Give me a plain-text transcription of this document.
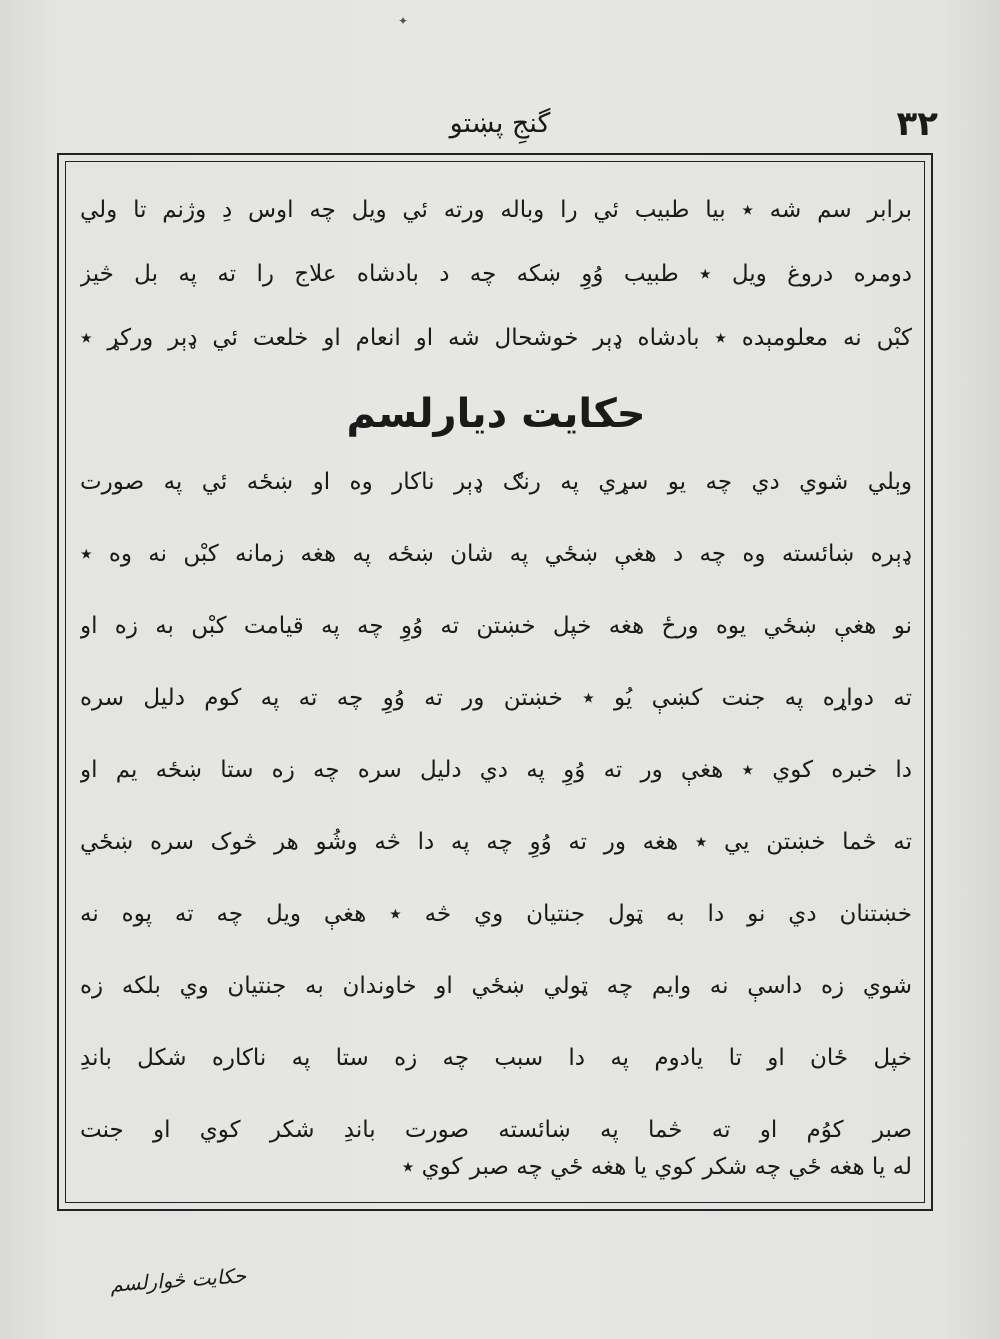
✦
۳۲
گنجِ پښتو
برابر سم شه ٭ بیا طبیب ئي را وباله ورته ئي ویل چه اوس دِ وژنم تا ولي
دومره دروغ ویل ٭ طبیب وُوِ ښکه چه د بادشاه علاج را ته په بل څیز
کبْں نه معلومېده ٭ بادشاه ډېر خوشحال شه او انعام او خلعت ئي ډېر ورکړ ٭
حکایت دیارلسم
وېلي شوي دي چه یو سړي په رنګ ډېر ناکار وه او ښځه ئي په صورت
ډېره ښائسته وه چه د هغې ښځي په شان ښځه په هغه زمانه کبْں نه وه ٭
نو هغې ښځي یوه ورځ هغه خپل خښتن ته وُوِ چه په قیامت کبْں به زه او
ته دواړه په جنت کښې یُو ٭ خښتن ور ته وُوِ چه ته په کوم دلیل سره
دا خبره کوي ٭ هغې ور ته وُوِ په دي دلیل سره چه زه ستا ښځه یم او
ته څما خښتن یي ٭ هغه ور ته وُوِ چه په دا څه وشُو هر څوک سره ښځي
خښتنان دي نو دا به ټول جنتیان وي څه ٭ هغې ویل چه ته پوه نه
شوي زه داسې نه وایم چه ټولي ښځي او خاوندان به جنتیان وي بلکه زه
خپل ځان او تا یادوم په دا سبب چه زه ستا په ناکاره شکل باندِ
صبر کوُم او ته څما په ښائسته صورت باندِ شکر کوي او جنت
له یا هغه ځي چه شکر کوي یا هغه ځي چه صبر کوي ٭
حکایت څوارلسم
